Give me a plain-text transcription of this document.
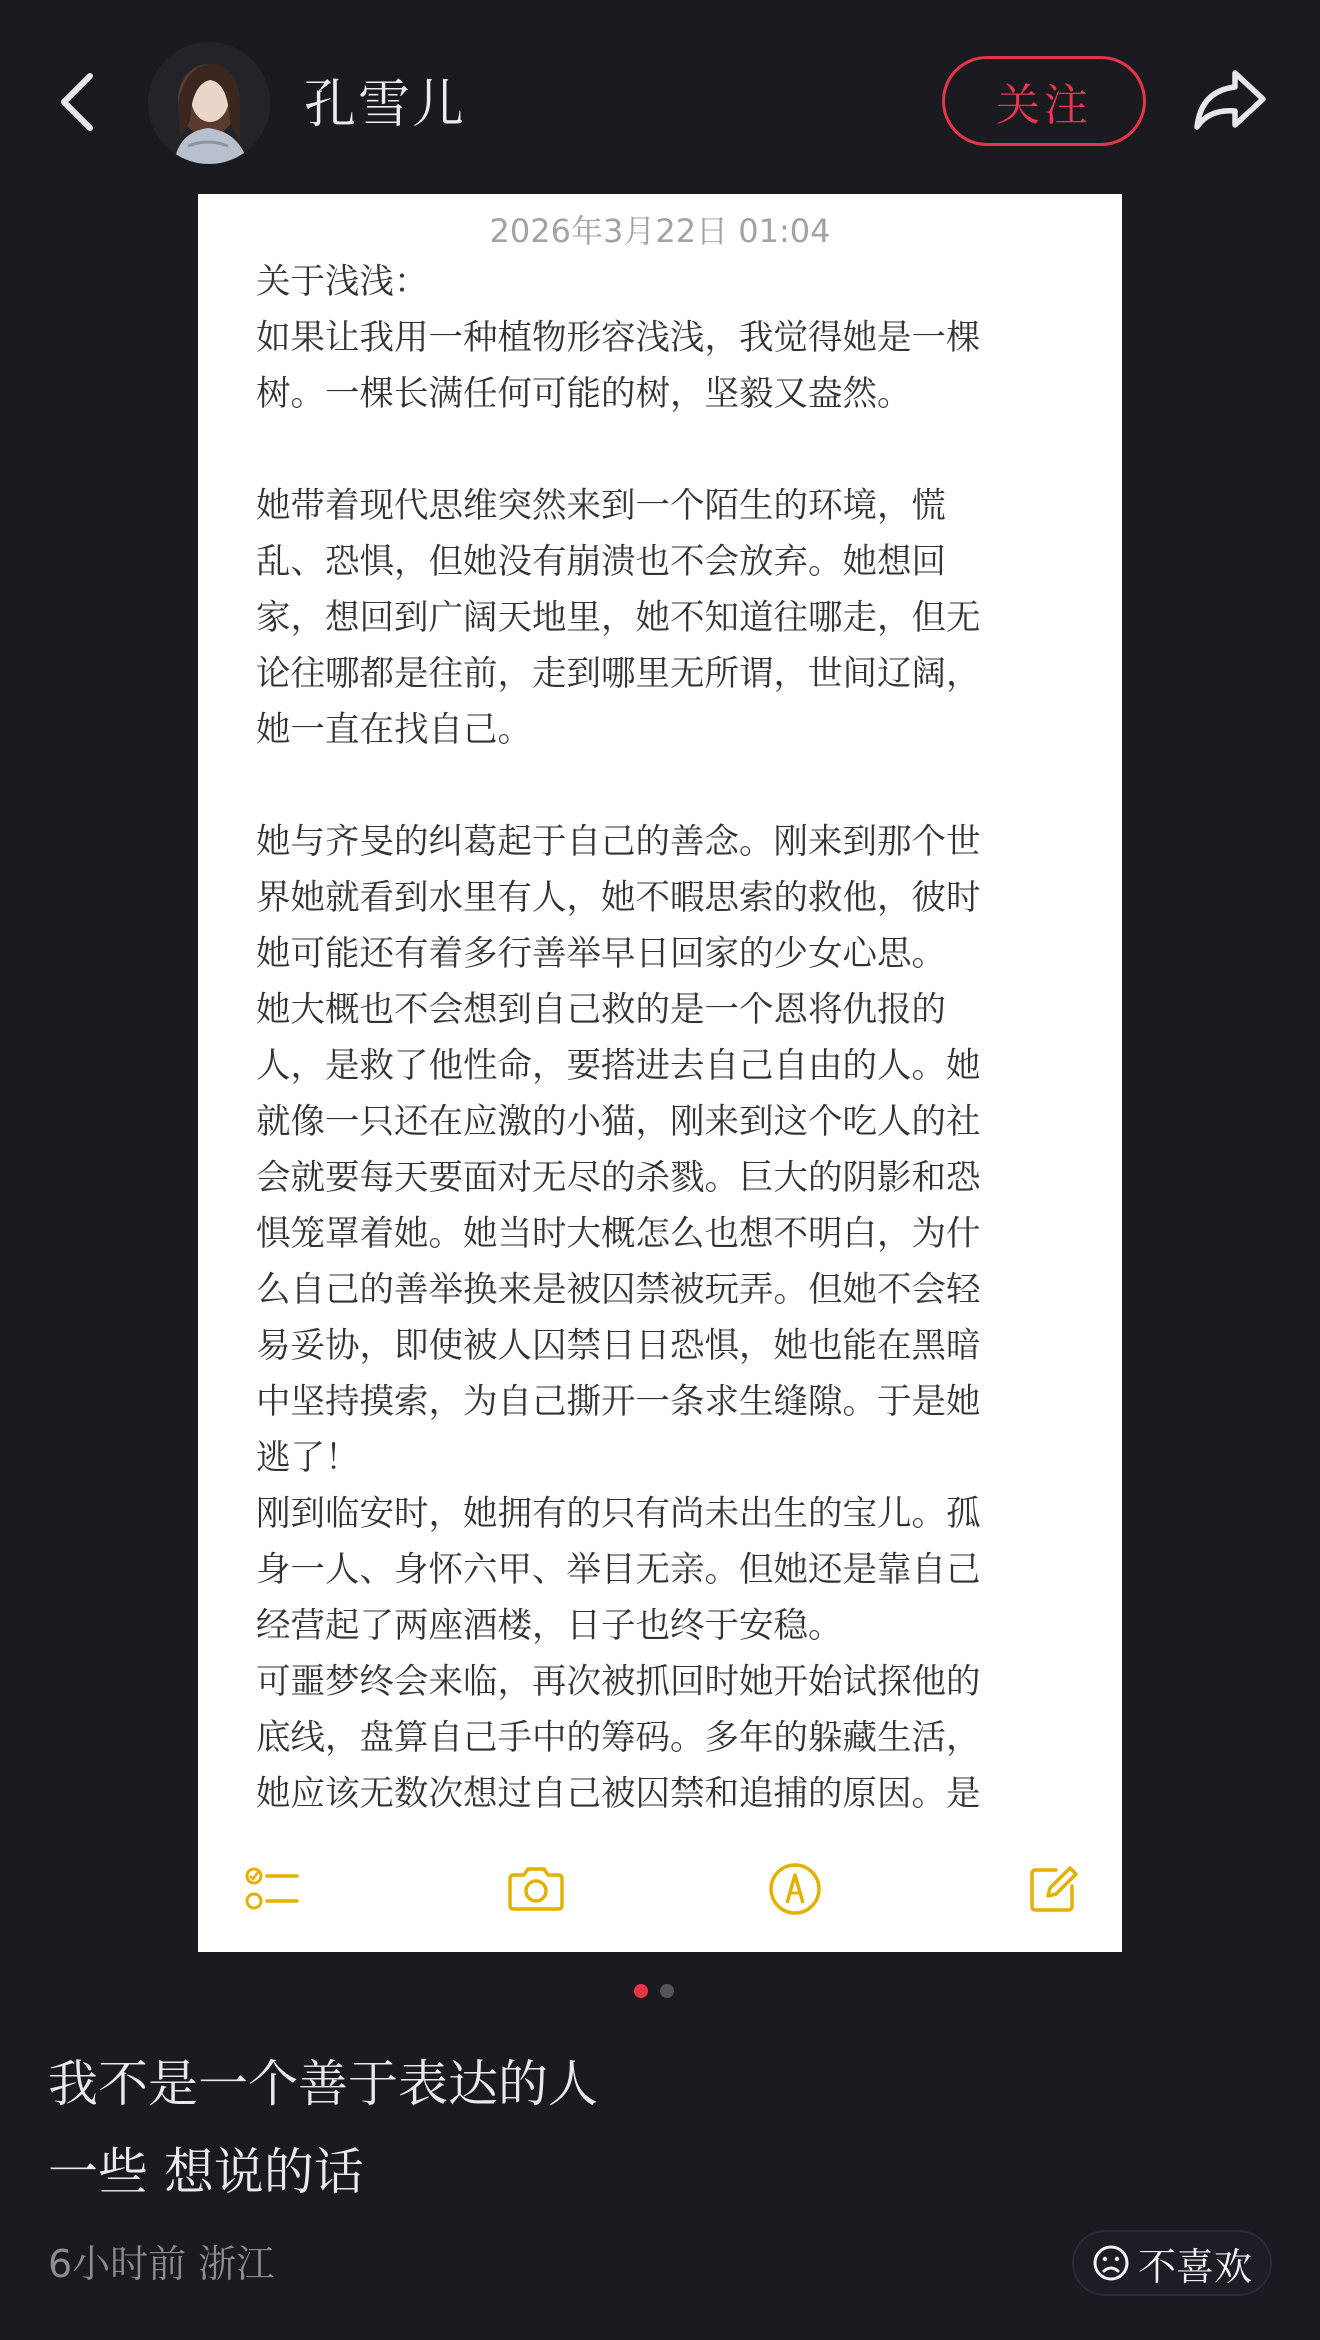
孔雪儿	关注
2026年3月22日 01:04

关于浅浅：

如果让我用一种植物形容浅浅，我觉得她是一棵

树。一棵长满任何可能的树，坚毅又盎然。

她带着现代思维突然来到一个陌生的环境，慌

乱、恐惧，但她没有崩溃也不会放弃。她想回

家，想回到广阔天地里，她不知道往哪走，但无

论往哪都是往前，走到哪里无所谓，世间辽阔，

她一直在找自己。

她与齐旻的纠葛起于自己的善念。刚来到那个世

界她就看到水里有人，她不暇思索的救他，彼时

她可能还有着多行善举早日回家的少女心思。

她大概也不会想到自己救的是一个恩将仇报的

人，是救了他性命，要搭进去自己自由的人。她

就像一只还在应激的小猫，刚来到这个吃人的社

会就要每天要面对无尽的杀戮。巨大的阴影和恐

惧笼罩着她。她当时大概怎么也想不明白，为什

么自己的善举换来是被囚禁被玩弄。但她不会轻

易妥协，即使被人囚禁日日恐惧，她也能在黑暗

中坚持摸索，为自己撕开一条求生缝隙。于是她

逃了！

刚到临安时，她拥有的只有尚未出生的宝儿。孤

身一人、身怀六甲、举目无亲。但她还是靠自己

经营起了两座酒楼，日子也终于安稳。

可噩梦终会来临，再次被抓回时她开始试探他的

底线，盘算自己手中的筹码。多年的躲藏生活，

她应该无数次想过自己被囚禁和追捕的原因。是

我不是一个善于表达的人
一些 想说的话
6小时前 浙江	不喜欢
